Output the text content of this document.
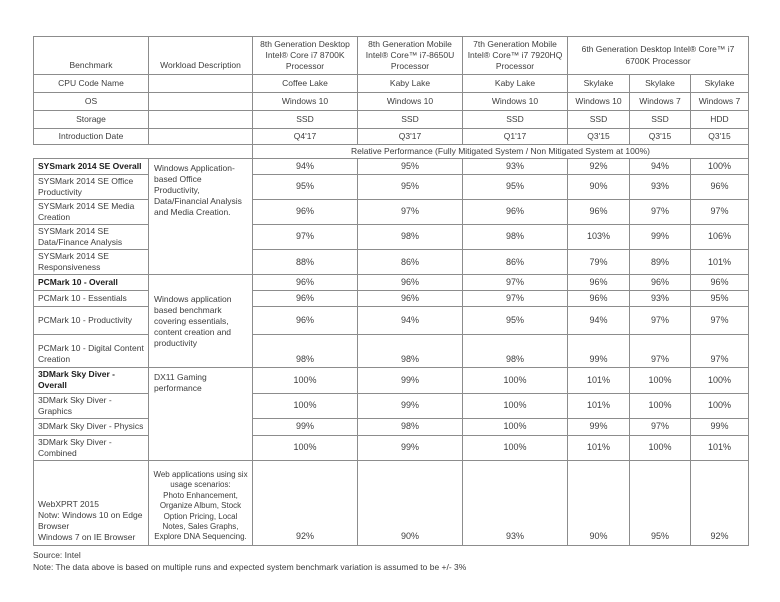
Benchmark	Workload Description	8th Generation Desktop Intel® Core i7 8700K Processor	8th Generation Mobile Intel® Core™ i7-8650U Processor	7th Generation Mobile Intel® Core™ i7 7920HQ Processor	6th Generation Desktop Intel® Core™ i7 6700K Processor		
CPU Code Name		Coffee Lake	Kaby Lake	Kaby Lake	Skylake	Skylake	Skylake
OS		Windows 10	Windows 10	Windows 10	Windows 10	Windows 7	Windows 7
Storage		SSD	SSD	SSD	SSD	SSD	HDD
Introduction Date		Q4'17	Q3'17	Q1'17	Q3'15	Q3'15	Q3'15
		Relative Performance (Fully Mitigated System / Non Mitigated System at 100%)					
SYSmark 2014 SE Overall	Windows Application-based Office Productivity, Data/Financial Analysis and Media Creation.	94%	95%	93%	92%	94%	100%
SYSMark 2014 SE Office Productivity		95%	95%	95%	90%	93%	96%
SYSMark 2014 SE Media Creation		96%	97%	96%	96%	97%	97%
SYSMark 2014 SE Data/Finance Analysis		97%	98%	98%	103%	99%	106%
SYSMark 2014 SE Responsiveness		88%	86%	86%	79%	89%	101%
PCMark 10 - Overall	Windows application based benchmark covering essentials, content creation and productivity	96%	96%	97%	96%	96%	96%
PCMark 10 - Essentials		96%	96%	97%	96%	93%	95%
PCMark 10 - Productivity		96%	94%	95%	94%	97%	97%
PCMark 10 - Digital Content Creation		98%	98%	98%	99%	97%	97%
3DMark Sky Diver - Overall	DX11 Gaming performance	100%	99%	100%	101%	100%	100%
3DMark Sky Diver - Graphics		100%	99%	100%	101%	100%	100%
3DMark Sky Diver - Physics		99%	98%	100%	99%	97%	99%
3DMark Sky Diver - Combined		100%	99%	100%	101%	100%	101%
WebXPRT 2015
Notw: Windows 10 on Edge Browser
Windows 7 on IE Browser	Web applications using six
usage scenarios:
Photo Enhancement,
Organize Album, Stock
Option Pricing, Local
Notes, Sales Graphs,
Explore DNA Sequencing.	92%	90%	93%	90%	95%	92%
Source: Intel
Note: The data above is based on multiple runs and expected system benchmark variation is assumed to be +/- 3%
